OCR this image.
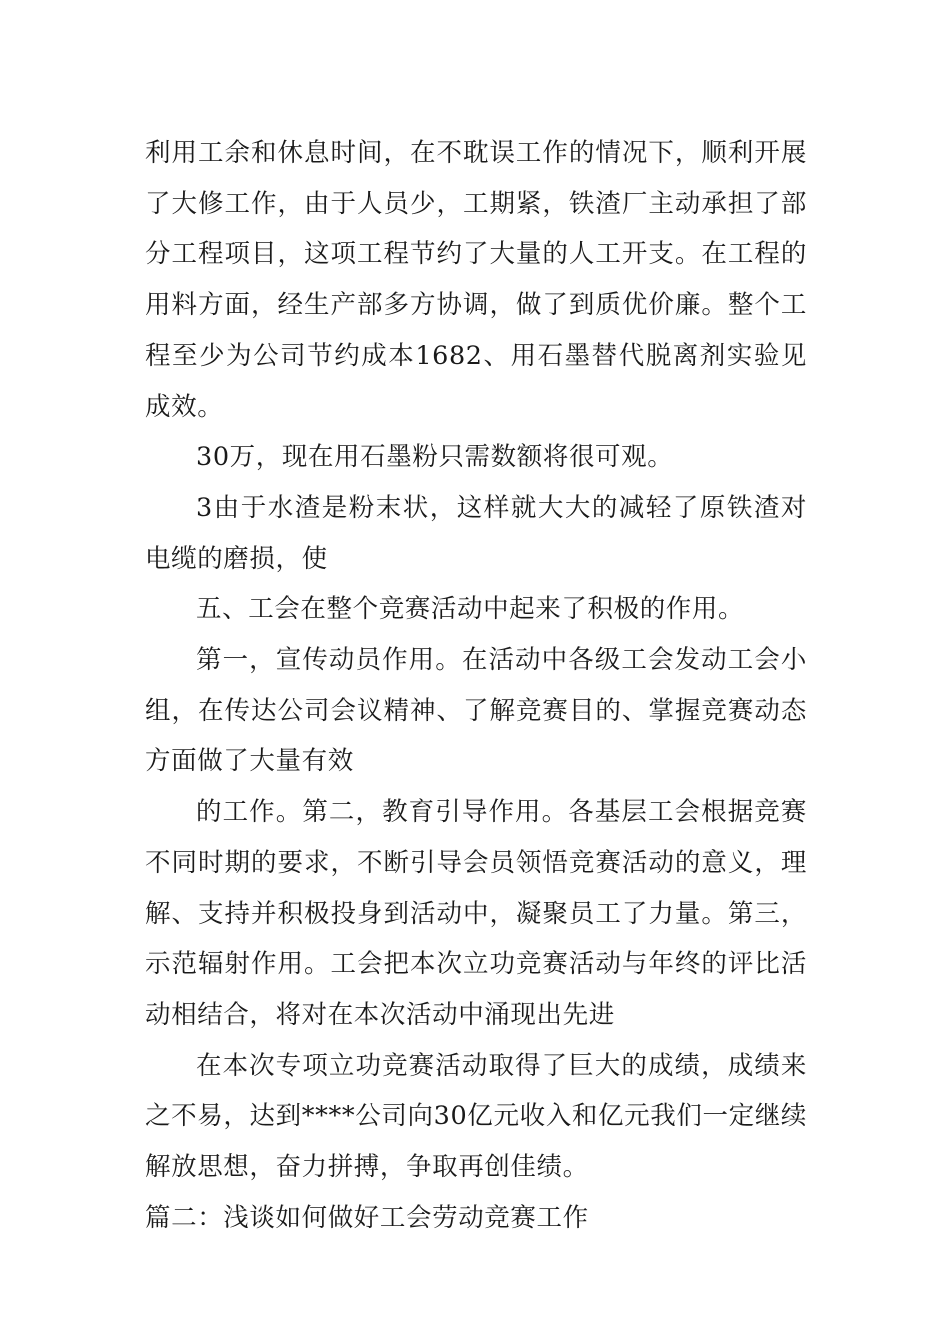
利用工余和休息时间，在不耽误工作的情况下，顺利开展了大修工作，由于人员少，工期紧，铁渣厂主动承担了部分工程项目，这项工程节约了大量的人工开支。在工程的用料方面，经生产部多方协调，做了到质优价廉。整个工程至少为公司节约成本1682、用石墨替代脱离剂实验见成效。

30万，现在用石墨粉只需数额将很可观。

3由于水渣是粉末状，这样就大大的减轻了原铁渣对电缆的磨损，使

五、工会在整个竞赛活动中起来了积极的作用。

第一，宣传动员作用。在活动中各级工会发动工会小组，在传达公司会议精神、了解竞赛目的、掌握竞赛动态方面做了大量有效

的工作。第二，教育引导作用。各基层工会根据竞赛不同时期的要求，不断引导会员领悟竞赛活动的意义，理解、支持并积极投身到活动中，凝聚员工了力量。第三，示范辐射作用。工会把本次立功竞赛活动与年终的评比活动相结合，将对在本次活动中涌现出先进

在本次专项立功竞赛活动取得了巨大的成绩，成绩来之不易，达到****公司向30亿元收入和亿元我们一定继续解放思想，奋力拼搏，争取再创佳绩。

篇二：浅谈如何做好工会劳动竞赛工作
